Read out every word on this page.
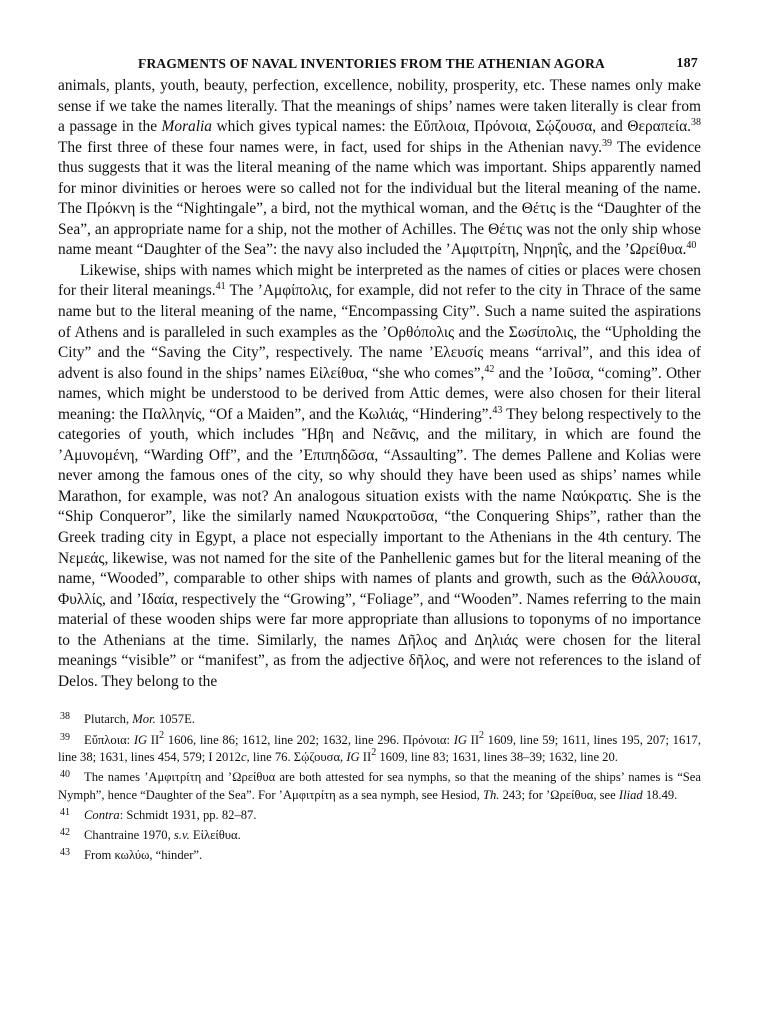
FRAGMENTS OF NAVAL INVENTORIES FROM THE ATHENIAN AGORA	187

animals, plants, youth, beauty, perfection, excellence, nobility, prosperity, etc. These names only make sense if we take the names literally. That the meanings of ships’ names were taken literally is clear from a passage in the Moralia which gives typical names: the Εὔπλοια, Πρόνοια, Σῴζουσα, and Θεραπεία.$^{38}$ The first three of these four names were, in fact, used for ships in the Athenian navy.$^{39}$ The evidence thus suggests that it was the literal meaning of the name which was important. Ships apparently named for minor divinities or heroes were so called not for the individual but the literal meaning of the name. The Πρόκνη is the “Nightingale”, a bird, not the mythical woman, and the Θέτις is the “Daughter of the Sea”, an appropriate name for a ship, not the mother of Achilles. The Θέτις was not the only ship whose name meant “Daughter of the Sea”: the navy also included the ’Αμφιτρίτη, Νηρηΐς, and the ’Ωρείθυα.$^{40}$

Likewise, ships with names which might be interpreted as the names of cities or places were chosen for their literal meanings.$^{41}$ The ’Αμφίπολις, for example, did not refer to the city in Thrace of the same name but to the literal meaning of the name, “Encompassing City”. Such a name suited the aspirations of Athens and is paralleled in such examples as the ’Ορθόπολις and the Σωσίπολις, the “Upholding the City” and the “Saving the City”, respectively. The name ’Ελευσίς means “arrival”, and this idea of advent is also found in the ships’ names Εἰλείθυα, “she who comes”,$^{42}$ and the ’Ιοῦσα, “coming”. Other names, which might be understood to be derived from Attic demes, were also chosen for their literal meaning: the Παλληνίς, “Of a Maiden”, and the Κωλιάς, “Hindering”.$^{43}$ They belong respectively to the categories of youth, which includes Ἥβη and Νεᾶνις, and the military, in which are found the ’Αμυνομένη, “Warding Off”, and the ’Επιπηδῶσα, “Assaulting”. The demes Pallene and Kolias were never among the famous ones of the city, so why should they have been used as ships’ names while Marathon, for example, was not? An analogous situation exists with the name Ναύκρατις. She is the “Ship Conqueror”, like the similarly named Ναυκρατοῦσα, “the Conquering Ships”, rather than the Greek trading city in Egypt, a place not especially important to the Athenians in the 4th century. The Νεμεάς, likewise, was not named for the site of the Panhellenic games but for the literal meaning of the name, “Wooded”, comparable to other ships with names of plants and growth, such as the Θάλλουσα, Φυλλίς, and ’Ιδαία, respectively the “Growing”, “Foliage”, and “Wooden”. Names referring to the main material of these wooden ships were far more appropriate than allusions to toponyms of no importance to the Athenians at the time. Similarly, the names Δῆλος and Δηλιάς were chosen for the literal meanings “visible” or “manifest”, as from the adjective δῆλος, and were not references to the island of Delos. They belong to the

38 Plutarch, Mor. 1057E.

39 Εὔπλοια: IG $II^2$ 1606, line 86; 1612, line 202; 1632, line 296. Πρόνοια: IG $II^2$ 1609, line 59; 1611, lines 195, 207; 1617, line 38; 1631, lines 454, 579; I 2012c, line 76. Σῴζουσα, IG $II^2$ 1609, line 83; 1631, lines 38–39; 1632, line 20.

40 The names ’Αμφιτρίτη and ’Ωρείθυα are both attested for sea nymphs, so that the meaning of the ships’ names is “Sea Nymph”, hence “Daughter of the Sea”. For ’Αμφιτρίτη as a sea nymph, see Hesiod, Th. 243; for ’Ωρείθυα, see Iliad 18.49.

41 Contra: Schmidt 1931, pp. 82–87.

42 Chantraine 1970, s.v. Εἰλείθυα.

43 From κωλύω, “hinder”.
